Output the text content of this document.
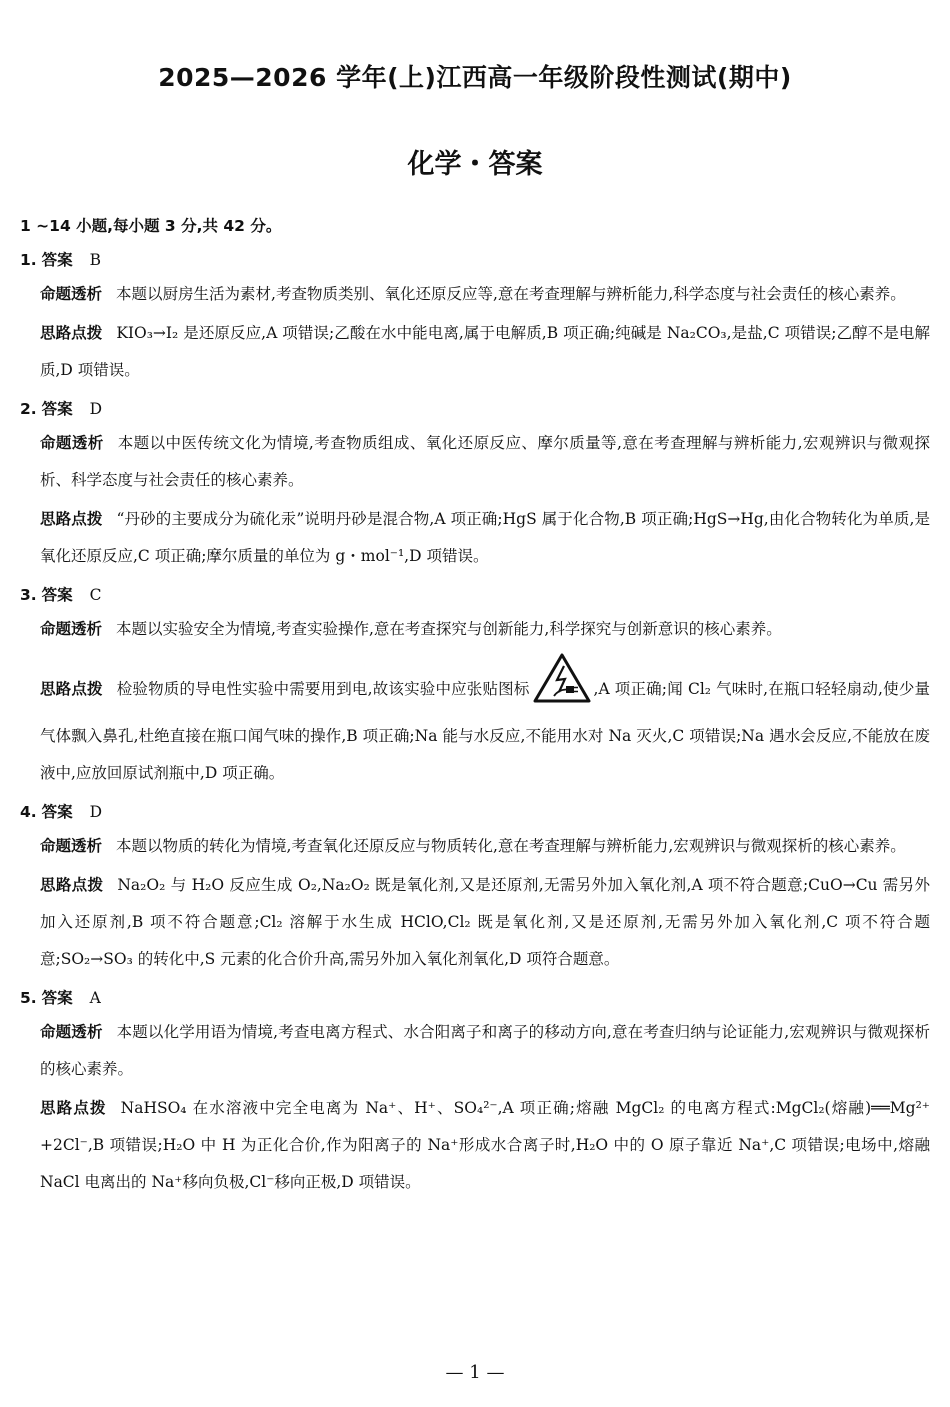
2025—2026 学年(上)江西高一年级阶段性测试(期中)
化学・答案
1 ~14 小题,每小题 3 分,共 42 分。
1. 答案 B
命题透析 本题以厨房生活为素材,考查物质类别、氧化还原反应等,意在考查理解与辨析能力,科学态度与社会责任的核心素养。
思路点拨 KIO₃→I₂ 是还原反应,A 项错误;乙酸在水中能电离,属于电解质,B 项正确;纯碱是 Na₂CO₃,是盐,C 项错误;乙醇不是电解质,D 项错误。
2. 答案 D
命题透析 本题以中医传统文化为情境,考查物质组成、氧化还原反应、摩尔质量等,意在考查理解与辨析能力,宏观辨识与微观探析、科学态度与社会责任的核心素养。
思路点拨 “丹砂的主要成分为硫化汞”说明丹砂是混合物,A 项正确;HgS 属于化合物,B 项正确;HgS→Hg,由化合物转化为单质,是氧化还原反应,C 项正确;摩尔质量的单位为 g・mol⁻¹,D 项错误。
3. 答案 C
命题透析 本题以实验安全为情境,考查实验操作,意在考查探究与创新能力,科学探究与创新意识的核心素养。
思路点拨 检验物质的导电性实验中需要用到电,故该实验中应张贴图标	,A 项正确;闻 Cl₂ 气味时,在瓶口轻轻扇动,使少量气体飘入鼻孔,杜绝直接在瓶口闻气味的操作,B 项正确;Na 能与水反应,不能用水对 Na 灭火,C 项错误;Na 遇水会反应,不能放在废液中,应放回原试剂瓶中,D 项正确。
4. 答案 D
命题透析 本题以物质的转化为情境,考查氧化还原反应与物质转化,意在考查理解与辨析能力,宏观辨识与微观探析的核心素养。
思路点拨 Na₂O₂ 与 H₂O 反应生成 O₂,Na₂O₂ 既是氧化剂,又是还原剂,无需另外加入氧化剂,A 项不符合题意;CuO→Cu 需另外加入还原剂,B 项不符合题意;Cl₂ 溶解于水生成 HClO,Cl₂ 既是氧化剂,又是还原剂,无需另外加入氧化剂,C 项不符合题意;SO₂→SO₃ 的转化中,S 元素的化合价升高,需另外加入氧化剂氧化,D 项符合题意。
5. 答案 A
命题透析 本题以化学用语为情境,考查电离方程式、水合阳离子和离子的移动方向,意在考查归纳与论证能力,宏观辨识与微观探析的核心素养。
思路点拨 NaHSO₄ 在水溶液中完全电离为 Na⁺、H⁺、SO₄²⁻,A 项正确;熔融 MgCl₂ 的电离方程式:MgCl₂(熔融)══Mg²⁺ +2Cl⁻,B 项错误;H₂O 中 H 为正化合价,作为阳离子的 Na⁺形成水合离子时,H₂O 中的 O 原子靠近 Na⁺,C 项错误;电场中,熔融 NaCl 电离出的 Na⁺移向负极,Cl⁻移向正极,D 项错误。
— 1 —
